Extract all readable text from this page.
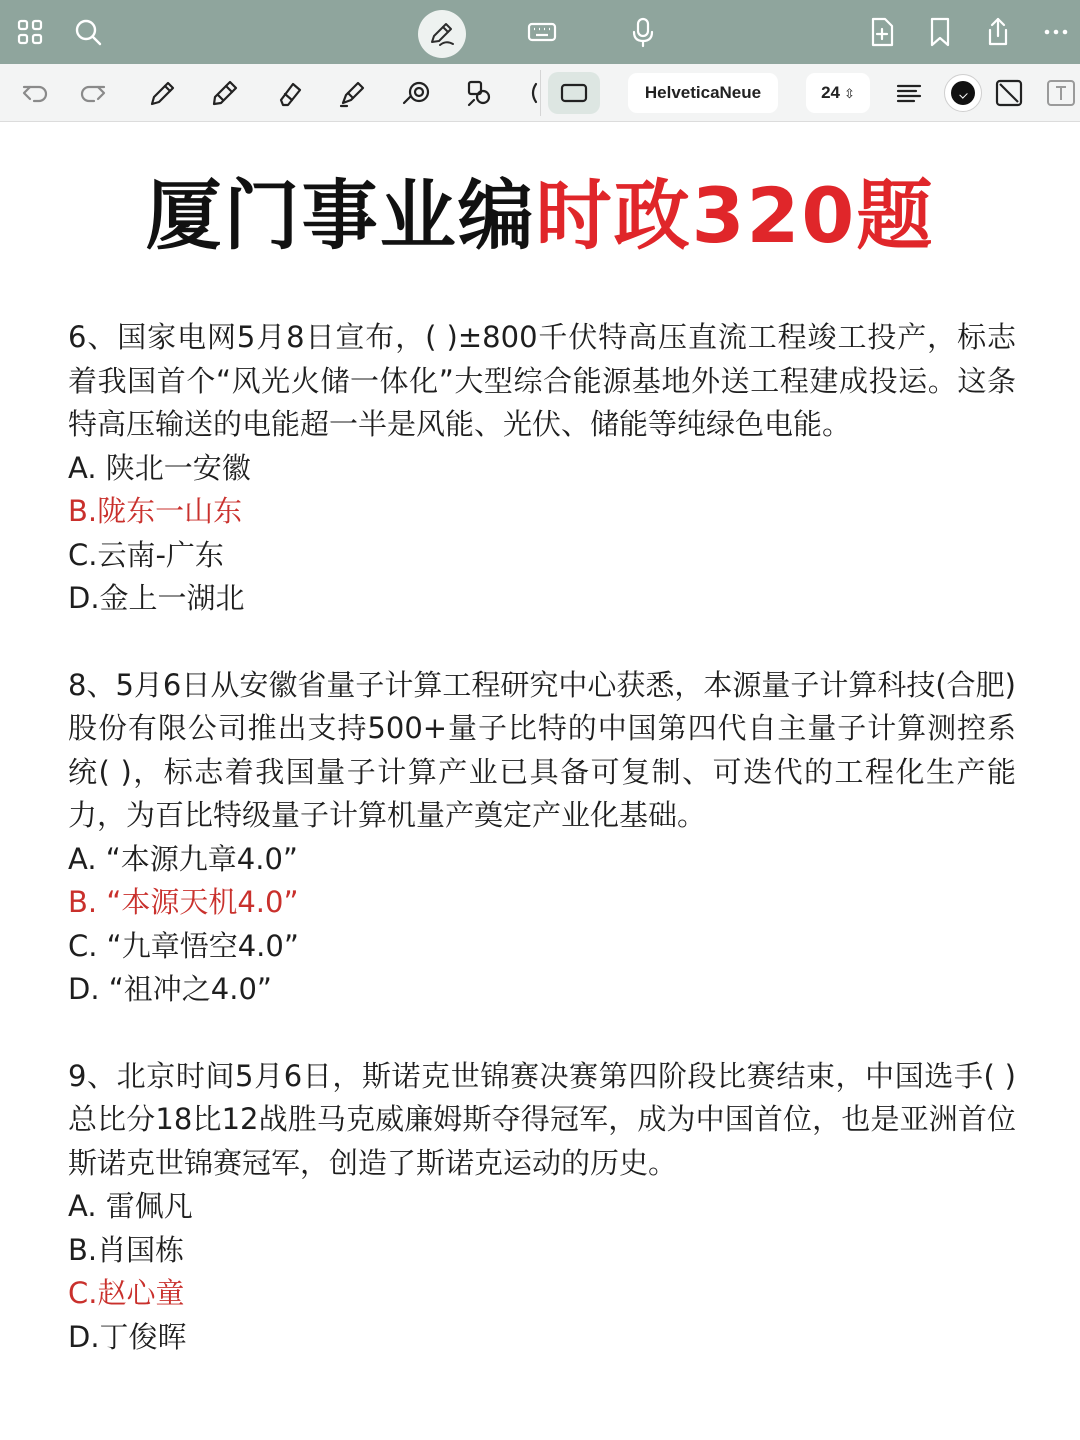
HelveticaNeue	24 ⇳
厦门事业编时政320题
6、国家电网5月8日宣布，( )±800千伏特高压直流工程竣工投产，标志着我国首个“风光火储一体化”大型综合能源基地外送工程建成投运。这条特高压输送的电能超一半是风能、光伏、储能等纯绿色电能。
A. 陕北一安徽
B.陇东一山东
C.云南-广东
D.金上一湖北
8、5月6日从安徽省量子计算工程研究中心获悉，本源量子计算科技(合肥)股份有限公司推出支持500+量子比特的中国第四代自主量子计算测控系统( )，标志着我国量子计算产业已具备可复制、可迭代的工程化生产能力，为百比特级量子计算机量产奠定产业化基础。
A. “本源九章4.0”
B. “本源天机4.0”
C. “九章悟空4.0”
D. “祖冲之4.0”
9、北京时间5月6日，斯诺克世锦赛决赛第四阶段比赛结束，中国选手( )总比分18比12战胜马克威廉姆斯夺得冠军，成为中国首位，也是亚洲首位斯诺克世锦赛冠军，创造了斯诺克运动的历史。
A. 雷佩凡
B.肖国栋
C.赵心童
D.丁俊晖
